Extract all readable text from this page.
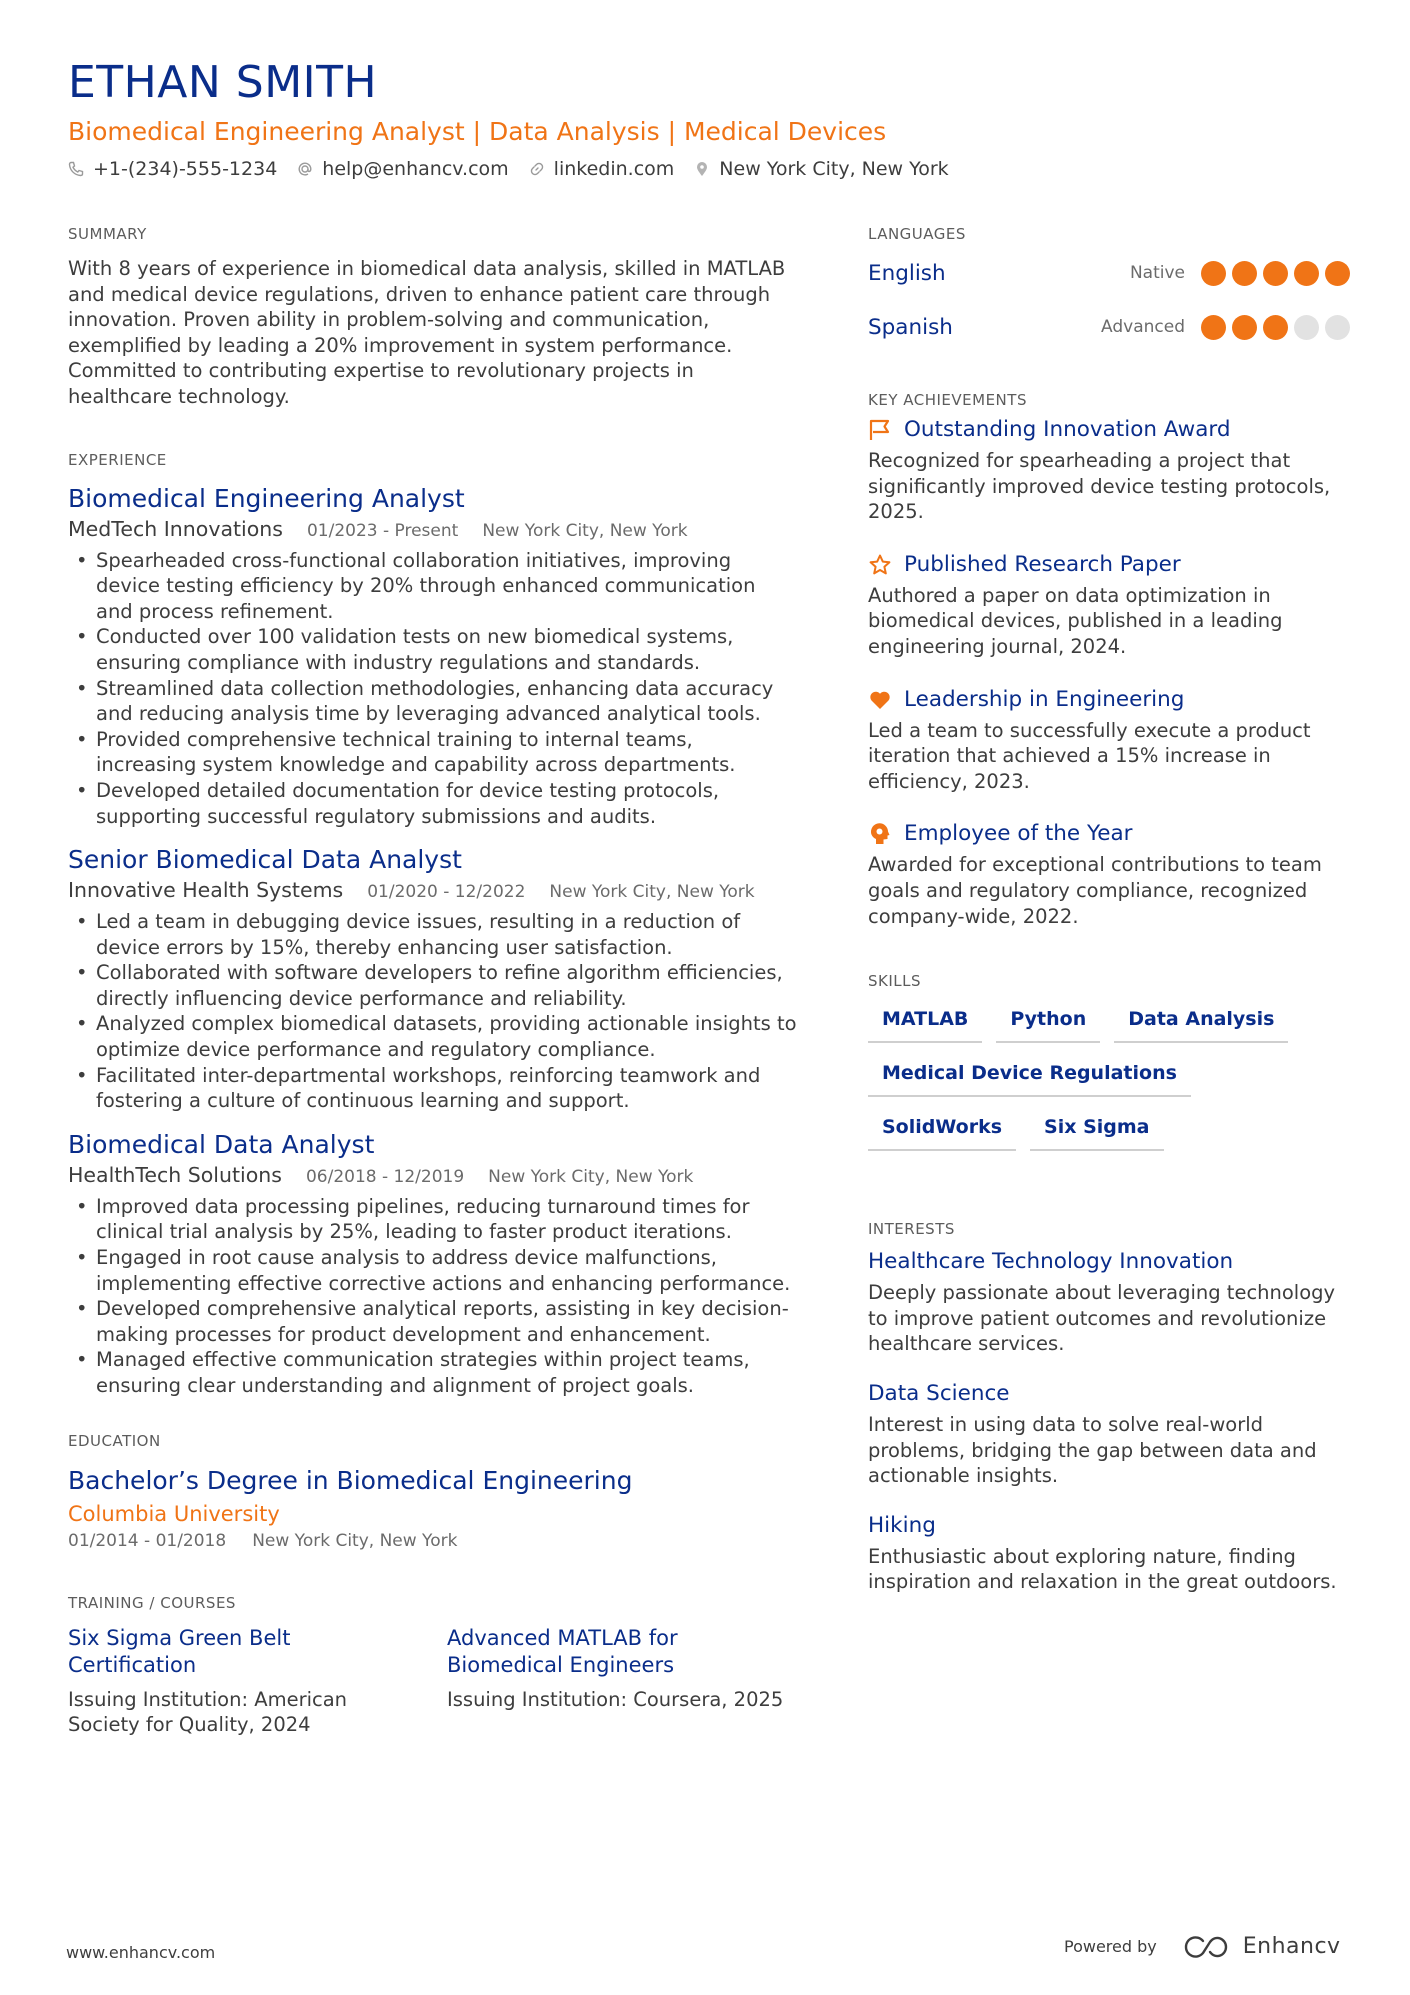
ETHAN SMITH
Biomedical Engineering Analyst | Data Analysis | Medical Devices
+1-(234)-555-1234 help@enhancv.com linkedin.com New York City, New York
SUMMARY

With 8 years of experience in biomedical data analysis, skilled in MATLAB and medical device regulations, driven to enhance patient care through innovation. Proven ability in problem-solving and communication, exemplified by leading a 20% improvement in system performance. Committed to contributing expertise to revolutionary projects in healthcare technology.

EXPERIENCE
Biomedical Engineering Analyst
MedTech Innovations 01/2023 - Present New York City, New York
• Spearheaded cross-functional collaboration initiatives, improving device testing efficiency by 20% through enhanced communication and process refinement.
• Conducted over 100 validation tests on new biomedical systems, ensuring compliance with industry regulations and standards.
• Streamlined data collection methodologies, enhancing data accuracy and reducing analysis time by leveraging advanced analytical tools.
• Provided comprehensive technical training to internal teams, increasing system knowledge and capability across departments.
• Developed detailed documentation for device testing protocols, supporting successful regulatory submissions and audits.
Senior Biomedical Data Analyst
Innovative Health Systems 01/2020 - 12/2022 New York City, New York
• Led a team in debugging device issues, resulting in a reduction of device errors by 15%, thereby enhancing user satisfaction.
• Collaborated with software developers to refine algorithm efficiencies, directly influencing device performance and reliability.
• Analyzed complex biomedical datasets, providing actionable insights to optimize device performance and regulatory compliance.
• Facilitated inter-departmental workshops, reinforcing teamwork and fostering a culture of continuous learning and support.
Biomedical Data Analyst
HealthTech Solutions 06/2018 - 12/2019 New York City, New York
• Improved data processing pipelines, reducing turnaround times for clinical trial analysis by 25%, leading to faster product iterations.
• Engaged in root cause analysis to address device malfunctions, implementing effective corrective actions and enhancing performance.
• Developed comprehensive analytical reports, assisting in key decision-making processes for product development and enhancement.
• Managed effective communication strategies within project teams, ensuring clear understanding and alignment of project goals.
EDUCATION
Bachelor’s Degree in Biomedical Engineering
Columbia University
01/2014 - 01/2018 New York City, New York
TRAINING / COURSES
Six Sigma Green Belt Certification
Issuing Institution: American Society for Quality, 2024
Advanced MATLAB for Biomedical Engineers
Issuing Institution: Coursera, 2025
LANGUAGES
English	Native
Spanish	Advanced
KEY ACHIEVEMENTS
Outstanding Innovation Award
Recognized for spearheading a project that significantly improved device testing protocols, 2025.
Published Research Paper
Authored a paper on data optimization in biomedical devices, published in a leading engineering journal, 2024.
Leadership in Engineering
Led a team to successfully execute a product iteration that achieved a 15% increase in efficiency, 2023.
Employee of the Year
Awarded for exceptional contributions to team goals and regulatory compliance, recognized company-wide, 2022.
SKILLS
MATLAB	Python	Data Analysis
Medical Device Regulations
SolidWorks	Six Sigma
INTERESTS
Healthcare Technology Innovation
Deeply passionate about leveraging technology to improve patient outcomes and revolutionize healthcare services.
Data Science
Interest in using data to solve real-world problems, bridging the gap between data and actionable insights.
Hiking
Enthusiastic about exploring nature, finding inspiration and relaxation in the great outdoors.
www.enhancv.com	Powered by	Enhancv
